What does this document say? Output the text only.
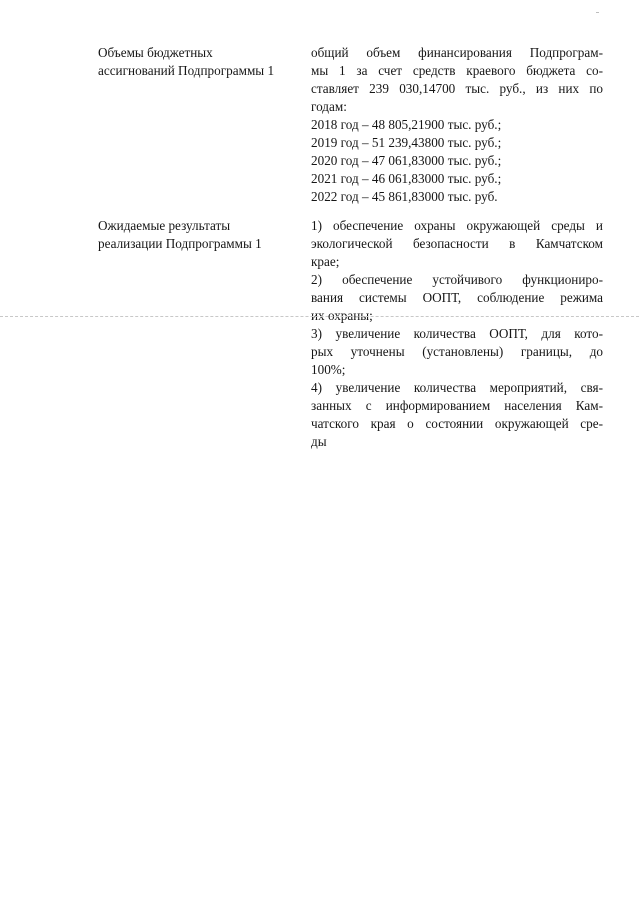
Объемы бюджетных
ассигнований Подпрограммы 1
общий объем финансирования Подпрограм-
мы 1 за счет средств краевого бюджета со-
ставляет 239 030,14700 тыс. руб., из них по
годам:
2018 год – 48 805,21900 тыс. руб.;
2019 год – 51 239,43800 тыс. руб.;
2020 год – 47 061,83000 тыс. руб.;
2021 год – 46 061,83000 тыс. руб.;
2022 год – 45 861,83000 тыс. руб.
Ожидаемые результаты
реализации Подпрограммы 1
1) обеспечение охраны окружающей среды и
экологической безопасности в Камчатском
крае;
2) обеспечение устойчивого функциониро-
вания системы ООПТ, соблюдение режима
их охраны;
3) увеличение количества ООПТ, для кото-
рых уточнены (установлены) границы, до
100%;
4) увеличение количества мероприятий, свя-
занных с информированием населения Кам-
чатского края о состоянии окружающей сре-
ды
